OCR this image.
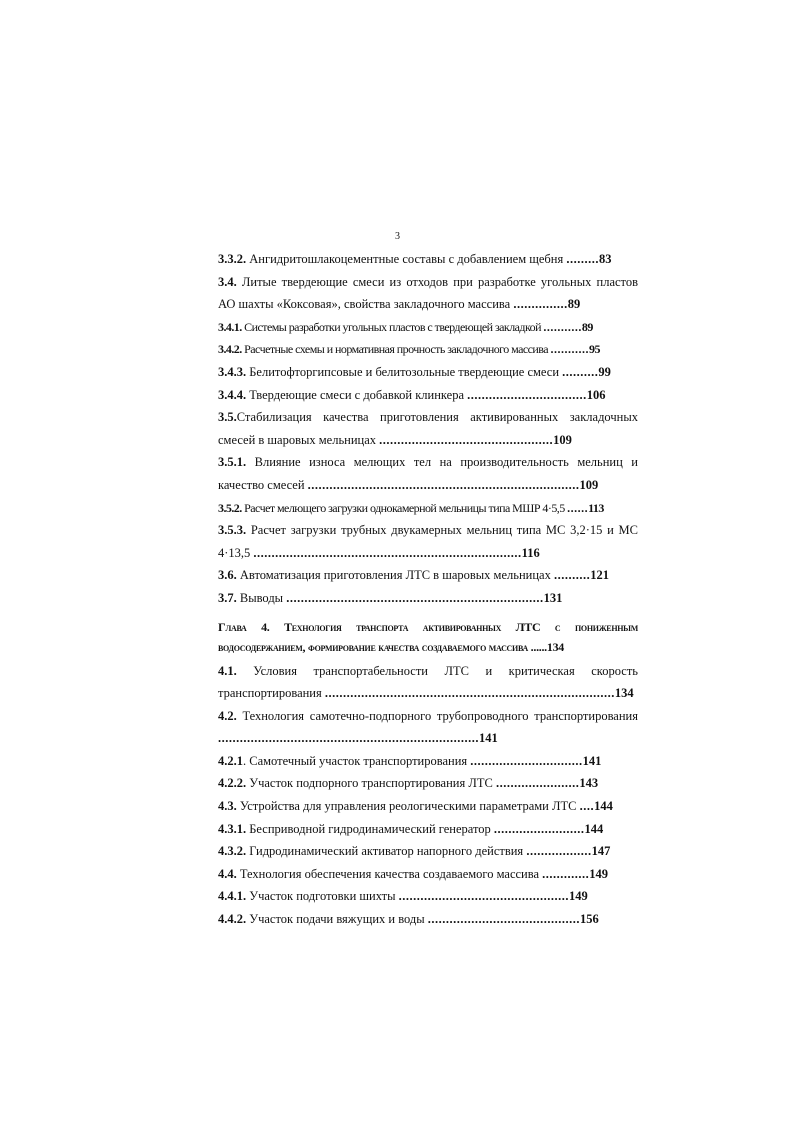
3
3.3.2. Ангидритошлакоцементные составы с добавлением щебня .........83
3.4. Литые твердеющие смеси из отходов при разработке угольных пластов АО шахты «Коксовая», свойства закладочного массива ...............89
3.4.1. Системы разработки угольных пластов с твердеющей закладкой ...........89
3.4.2. Расчетные схемы и нормативная прочность закладочного массива ...........95
3.4.3. Белитофторгипсовые и белитозольные твердеющие смеси ..........99
3.4.4. Твердеющие смеси с добавкой клинкера .................................106
3.5.Стабилизация качества приготовления активированных закладочных смесей в шаровых мельницах ................................................109
3.5.1. Влияние износа мелющих тел на производительность мельниц и качество смесей ...........................................................................109
3.5.2. Расчет мелющего загрузки однокамерной мельницы типа МШР 4·5,5 ......113
3.5.3. Расчет загрузки трубных двукамерных мельниц типа МС 3,2·15 и МС 4·13,5 ..........................................................................116
3.6. Автоматизация приготовления ЛТС в шаровых мельницах ..........121
3.7. Выводы .......................................................................131
Глава 4. Технология транспорта активированных ЛТС с пониженным водосодержанием, формирование качества создаваемого массива ......134
4.1. Условия транспортабельности ЛТС и критическая скорость транспортирования ................................................................................134
4.2. Технология самотечно-подпорного трубопроводного транспортирования ........................................................................141
4.2.1. Самотечный участок транспортирования ...............................141
4.2.2. Участок подпорного транспортирования ЛТС .......................143
4.3. Устройства для управления реологическими параметрами ЛТС ....144
4.3.1. Бесприводной гидродинамический генератор .........................144
4.3.2. Гидродинамический активатор напорного действия ..................147
4.4. Технология обеспечения качества создаваемого массива .............149
4.4.1. Участок подготовки шихты ...............................................149
4.4.2. Участок подачи вяжущих и воды ..........................................156
